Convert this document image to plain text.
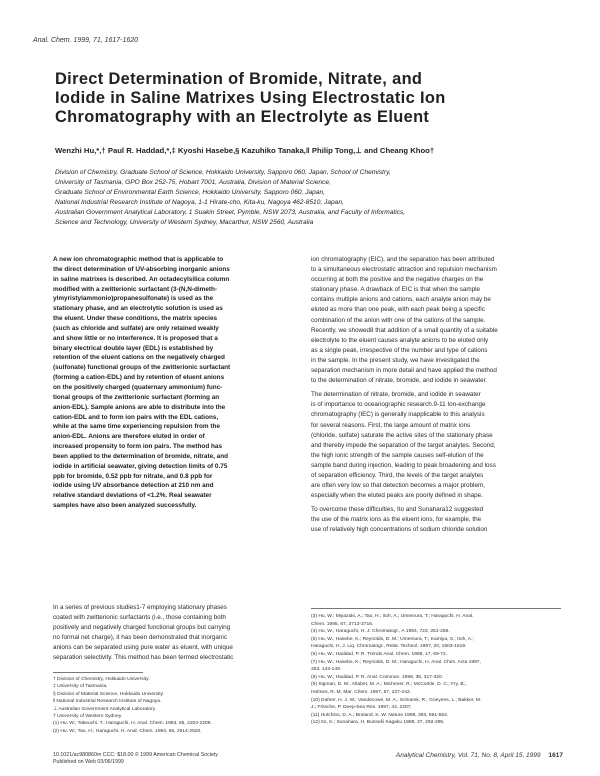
Anal. Chem. 1999, 71, 1617-1620
Direct Determination of Bromide, Nitrate, and
Iodide in Saline Matrixes Using Electrostatic Ion
Chromatography with an Electrolyte as Eluent
Wenzhi Hu,*,† Paul R. Haddad,*,‡ Kyoshi Hasebe,§ Kazuhiko Tanaka,‖ Philip Tong,⊥ and Cheang Khoo†
Division of Chemistry, Graduate School of Science, Hokkaido University, Sapporo 060, Japan, School of Chemistry,
University of Tasmania, GPO Box 252-75, Hobart 7001, Australia, Division of Material Science,
Graduate School of Environmental Earth Science, Hokkaido University, Sapporo 060, Japan,
National Industrial Research Institute of Nagoya, 1-1 Hirate-cho, Kita-ku, Nagoya 462-8510, Japan,
Australian Government Analytical Laboratory, 1 Suakin Street, Pymble, NSW 2073, Australia, and Faculty of Informatics,
Science and Technology, University of Western Sydney, Macarthur, NSW 2560, Australia
A new ion chromatographic method that is applicable to
the direct determination of UV-absorbing inorganic anions
in saline matrixes is described. An octadecylsilica column
modified with a zwitterionic surfactant (3-(N,N-dimeth-
ylmyristylammonio)propanesulfonate) is used as the
stationary phase, and an electrolytic solution is used as
the eluent. Under these conditions, the matrix species
(such as chloride and sulfate) are only retained weakly
and show little or no interference. It is proposed that a
binary electrical double layer (EDL) is established by
retention of the eluent cations on the negatively charged
(sulfonate) functional groups of the zwitterionic surfactant
(forming a cation-EDL) and by retention of eluent anions
on the positively charged (quaternary ammonium) func-
tional groups of the zwitterionic surfactant (forming an
anion-EDL). Sample anions are able to distribute into the
cation-EDL and to form ion pairs with the EDL cations,
while at the same time experiencing repulsion from the
anion-EDL. Anions are therefore eluted in order of
increased propensity to form ion pairs. The method has
been applied to the determination of bromide, nitrate, and
iodide in artificial seawater, giving detection limits of 0.75
ppb for bromide, 0.52 ppb for nitrate, and 0.8 ppb for
iodide using UV absorbance detection at 210 nm and
relative standard deviations of <1.2%. Real seawater
samples have also been analyzed successfully.
In a series of previous studies1-7 employing stationary phases
coated with zwitterionic surfactants (i.e., those containing both
positively and negatively charged functional groups but carrying
no formal net charge), it has been demonstrated that inorganic
anions can be separated using pure water as eluent, with unique
separation selectivity. This method has been termed electrostatic
† Division of Chemistry, Hokkaido University.
‡ University of Tasmania.
§ Division of Material Science, Hokkaido University.
‖ National Industrial Research Institute of Nagoya.
⊥ Australian Government Analytical Laboratory.
† University of Western Sydney.
(1) Hu, W.; Takeuchi, T.; Haraguchi, H. Anal. Chem. 1993, 65, 2204-2208.
(2) Hu, W.; Tao, H.; Haraguchi, H. Anal. Chem. 1994, 66, 2514-2520.
ion chromatography (EIC), and the separation has been attributed
to a simultaneous electrostatic attraction and repulsion mechanism
occurring at both the positive and the negative charges on the
stationary phase. A drawback of EIC is that when the sample
contains multiple anions and cations, each analyte anion may be
eluted as more than one peak, with each peak being a specific
combination of the anion with one of the cations of the sample.
Recently, we showed8 that addition of a small quantity of a suitable
electrolyte to the eluent causes analyte anions to be eluted only
as a single peak, irrespective of the number and type of cations
in the sample. In the present study, we have investigated the
separation mechanism in more detail and have applied the method
to the determination of nitrate, bromide, and iodide in seawater.
The determination of nitrate, bromide, and iodide in seawater
is of importance to oceanographic research.9-11 Ion-exchange
chromatography (IEC) is generally inapplicable to this analysis
for several reasons. First, the large amount of matrix ions
(chloride, sulfate) saturate the active sites of the stationary phase
and thereby impede the separation of the target analytes. Second,
the high ionic strength of the sample causes self-elution of the
sample band during injection, leading to peak broadening and loss
of separation efficiency. Third, the levels of the target analytes
are often very low so that detection becomes a major problem,
especially when the eluted peaks are poorly defined in shape.
To overcome these difficulties, Ito and Sunahara12 suggested
the use of the matrix ions as the eluent ions, for example, the
use of relatively high concentrations of sodium chloride solution
(3) Hu, W.; Miyazaki, A.; Tao, H.; Itoh, A.; Umemura, T.; Haraguchi, H. Anal.
Chem. 1995, 67, 3713-3716.
(4) Hu, W.; Haraguchi, H. J. Chromatogr., A 1994, 723, 251-258.
(5) Hu, W.; Hasebe, K.; Reynolds, D. M.; Umemura, T.; Kamiya, S.; Itoh, A.;
Haraguchi, H. J. Liq. Chromatogr., Relat. Technol. 1997, 20, 1903-1919.
(6) Hu, W.; Haddad, P. R. Trends Anal. Chem. 1998, 17, 69-72.
(7) Hu, W.; Hasebe, K.; Reynolds, D. M.; Haraguchi, H. Anal. Chim. Acta 1997,
353, 143-149.
(8) Hu, W.; Haddad, P. R. Anal. Commun. 1998, 35, 317-320.
(9) Sigman, D. M.; Altabet, M. A.; Michener, R.; McCorkle, D. C.; Fry, B.;
Holmes, R. M. Mar. Chem. 1997, 57, 227-242.
(10) Dafner, H. J. W.; Vandecowe, M. A.; Schoenk, R.; Goeyens, L.; Bakker, M.
J.; Fritsche, P. Deep-Sea Res. 1997, 44, 2207.
(11) Hutchins, D. A.; Bruland, K. W. Nature 1998, 393, 561-564.
(12) Ito, K.; Sunahara, H. Bunseki Kagaku 1988, 37, 292-295.
10.1021/ac980860m CCC: $18.00 © 1999 American Chemical Society
Published on Web 03/06/1999
Analytical Chemistry, Vol. 71, No. 8, April 15, 1999 1617
